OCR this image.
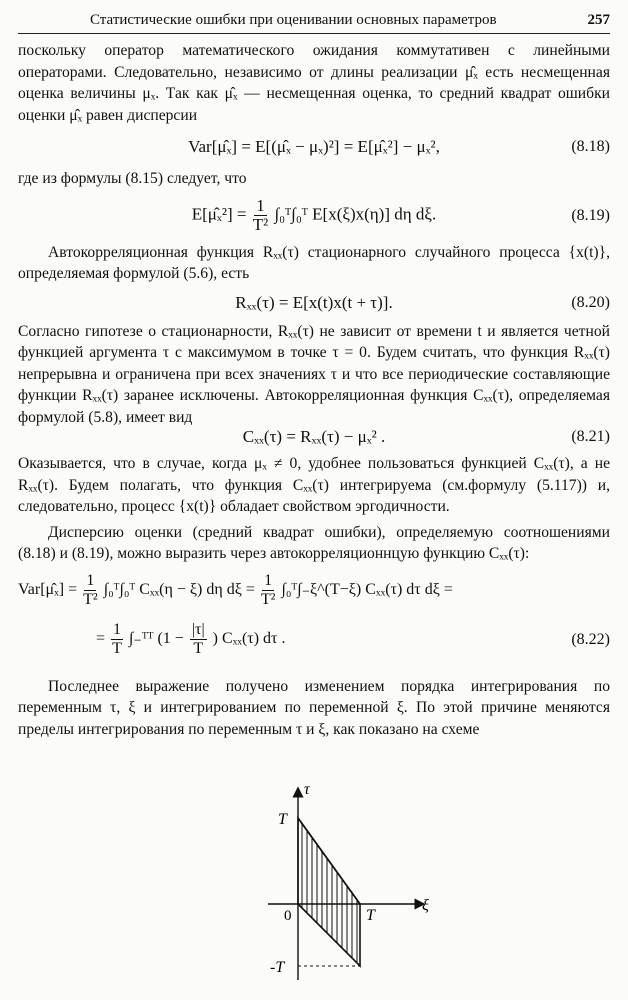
Статистические ошибки при оценивании основных параметров	257

поскольку оператор математического ожидания коммутативен с линейными операторами. Следовательно, независимо от длины реализации μ̂ₓ есть несмещенная оценка величины μₓ. Так как μ̂ₓ — несмещенная оценка, то средний квадрат ошибки оценки μ̂ₓ равен дисперсии

Var[μ̂ₓ] = E[(μ̂ₓ − μₓ)²] = E[μ̂ₓ²] − μₓ²,	(8.18)

где из формулы (8.15) следует, что

E[μ̂ₓ²] = $\frac{1}{\text{T²}}$ ∫₀ᵀ∫₀ᵀ E[x(ξ)x(η)] dη dξ.	(8.19)

Автокорреляционная функция Rₓₓ(τ) стационарного случайного процесса {x(t)}, определяемая формулой (5.6), есть

Rₓₓ(τ) = E[x(t)x(t + τ)].	(8.20)

Согласно гипотезе о стационарности, Rₓₓ(τ) не зависит от времени t и является четной функцией аргумента τ с максимумом в точке τ = 0. Будем считать, что функция Rₓₓ(τ) непрерывна и ограничена при всех значениях τ и что все периодические составляющие функции Rₓₓ(τ) заранее исключены. Автокорреляционная функция Cₓₓ(τ), определяемая формулой (5.8), имеет вид

Cₓₓ(τ) = Rₓₓ(τ) − μₓ² .	(8.21)

Оказывается, что в случае, когда μₓ ≠ 0, удобнее пользоваться функцией Cₓₓ(τ), а не Rₓₓ(τ). Будем полагать, что функция Cₓₓ(τ) интегрируема (см.формулу (5.117)) и, следовательно, процесс {x(t)} обладает свойством эргодичности.

Дисперсию оценки (средний квадрат ошибки), определяемую соотношениями (8.18) и (8.19), можно выразить через автокорреляционнцую функцию Cₓₓ(τ):

Var[μ̂ₓ] = $\frac{1}{\text{T²}}$ ∫₀ᵀ∫₀ᵀ Cₓₓ(η − ξ) dη $d\xi = \frac{1}{\text{T²}}$ ∫₀ᵀ∫₋ξ^(T−ξ) Cₓₓ(τ) dτ dξ =
= $\frac{1}{T}$ ∫₋ᵀᵀ ($1 - \frac{|\tau|}{T}$ ) Cₓₓ(τ) dτ .	(8.22)

Последнее выражение получено изменением порядка интегрирования по переменным τ, ξ и интегрированием по переменной ξ. По этой причине меняются пределы интегрирования по переменным τ и ξ, как показано на схеме

τ
ξ
T
0	T
-T
